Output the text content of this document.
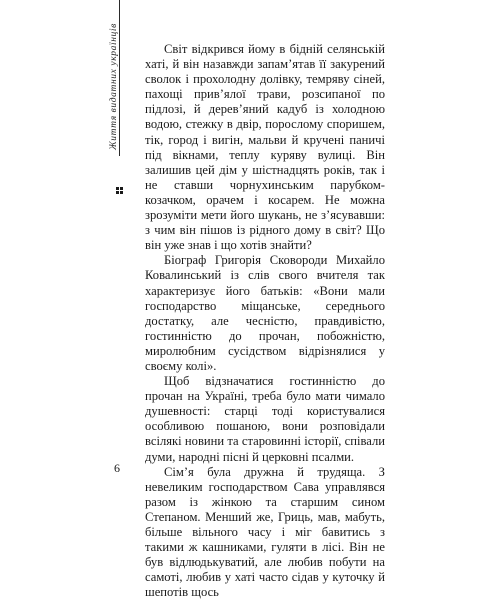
Життя видатних українців	Світ відкрився йому в бідній селянській хаті, й він назавжди запам’ятав її закурений сволок і прохолодну долівку, темряву сіней, пахощі прив’ялої трави, розсипаної по підлозі, й дерев’яний кадуб із холодною водою, стежку в двір, порослому споришем, тік, город і вигін, мальви й кручені паничі під вікнами, теплу куряву вулиці. Він залишив цей дім у шістнадцять років, так і не ставши чорнухинським парубком-козачком, орачем і косарем. Не можна зрозуміти мети його шукань, не з’ясувавши: з чим він пішов із рідного дому в світ? Що він уже знав і що хотів знайти?

Біограф Григорія Сковороди Михайло Ковалинський із слів свого вчителя так характеризує його батьків: «Вони мали господарство міщанське, середнього достатку, але чесністю, правдивістю, гостинністю до прочан, побожністю, миролюбним сусідством відрізнялися у своєму колі».

Щоб відзначатися гостинністю до прочан на Україні, треба було мати чимало душевності: старці тоді користувалися особливою пошаною, вони розповідали всілякі новини та старовинні історії, співали думи, народні пісні й церковні псалми.

Сім’я була дружна й трудяща. З невеликим господарством Сава управлявся разом із жінкою та старшим сином Степаном. Менший же, Гриць, мав, мабуть, більше вільного часу і міг бавитись з такими ж кашниками, гуляти в лісі. Він не був відлюдькуватий, але любив побути на самоті, любив у хаті часто сідав у куточку й шепотів щось

6
